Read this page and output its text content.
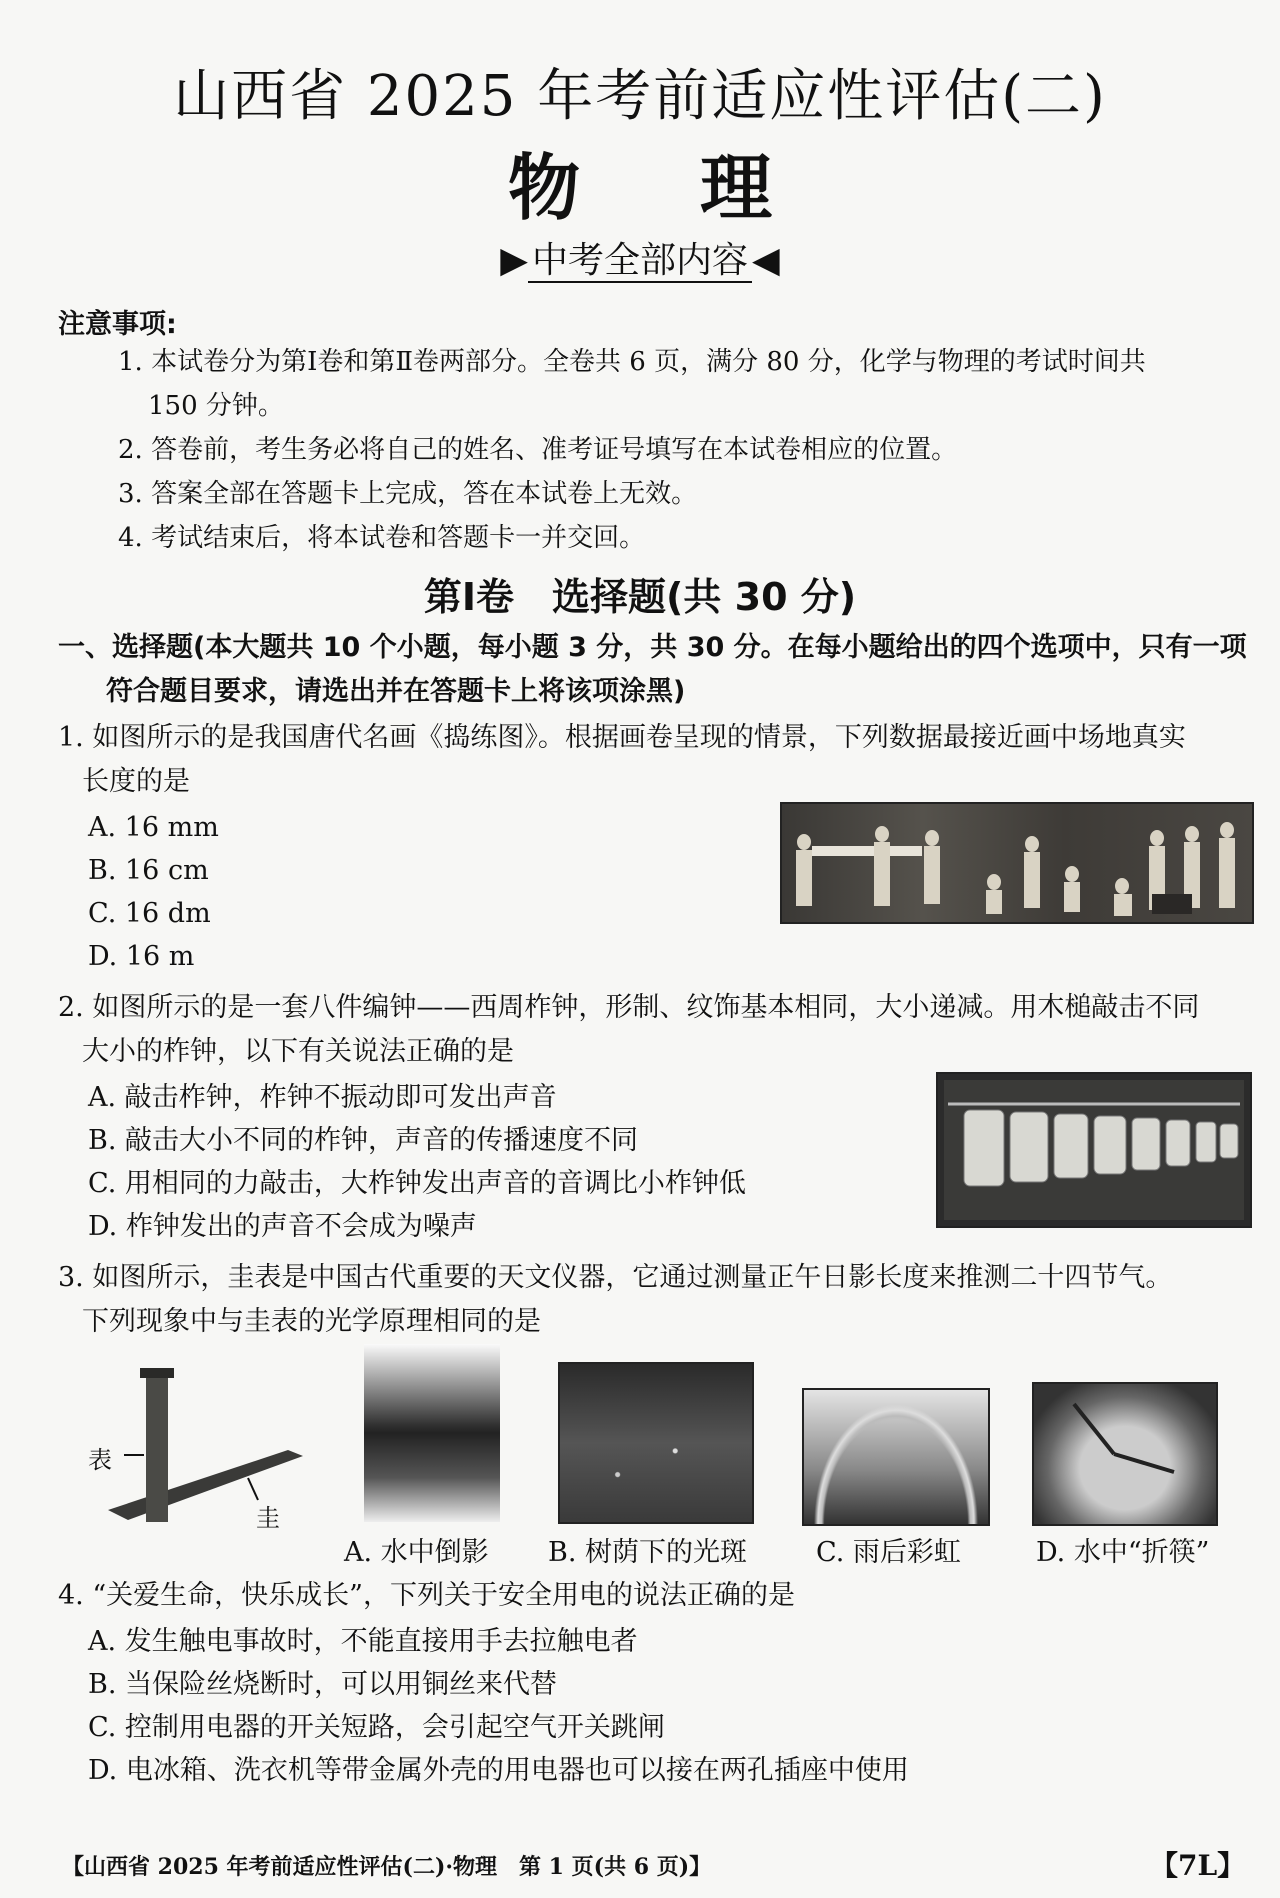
山西省 2025 年考前适应性评估(二)
物理
▶ 中考全部内容 ◀
注意事项:
1. 本试卷分为第Ⅰ卷和第Ⅱ卷两部分。全卷共 6 页，满分 80 分，化学与物理的考试时间共
150 分钟。
2. 答卷前，考生务必将自己的姓名、准考证号填写在本试卷相应的位置。
3. 答案全部在答题卡上完成，答在本试卷上无效。
4. 考试结束后，将本试卷和答题卡一并交回。
第Ⅰ卷　选择题(共 30 分)
一、选择题(本大题共 10 个小题，每小题 3 分，共 30 分。在每小题给出的四个选项中，只有一项
符合题目要求，请选出并在答题卡上将该项涂黑)
1. 如图所示的是我国唐代名画《捣练图》。根据画卷呈现的情景，下列数据最接近画中场地真实
长度的是
A. 16 mm
B. 16 cm
C. 16 dm
D. 16 m
2. 如图所示的是一套八件编钟——西周柞钟，形制、纹饰基本相同，大小递减。用木槌敲击不同
大小的柞钟，以下有关说法正确的是
A. 敲击柞钟，柞钟不振动即可发出声音
B. 敲击大小不同的柞钟，声音的传播速度不同
C. 用相同的力敲击，大柞钟发出声音的音调比小柞钟低
D. 柞钟发出的声音不会成为噪声
3. 如图所示，圭表是中国古代重要的天文仪器，它通过测量正午日影长度来推测二十四节气。
下列现象中与圭表的光学原理相同的是
表
圭
A. 水中倒影 B. 树荫下的光斑	C. 雨后彩虹	D. 水中“折筷”
4. “关爱生命，快乐成长”，下列关于安全用电的说法正确的是
A. 发生触电事故时，不能直接用手去拉触电者
B. 当保险丝烧断时，可以用铜丝来代替
C. 控制用电器的开关短路，会引起空气开关跳闸
D. 电冰箱、洗衣机等带金属外壳的用电器也可以接在两孔插座中使用
【山西省 2025 年考前适应性评估(二)·物理　第 1 页(共 6 页)】	【7L】
